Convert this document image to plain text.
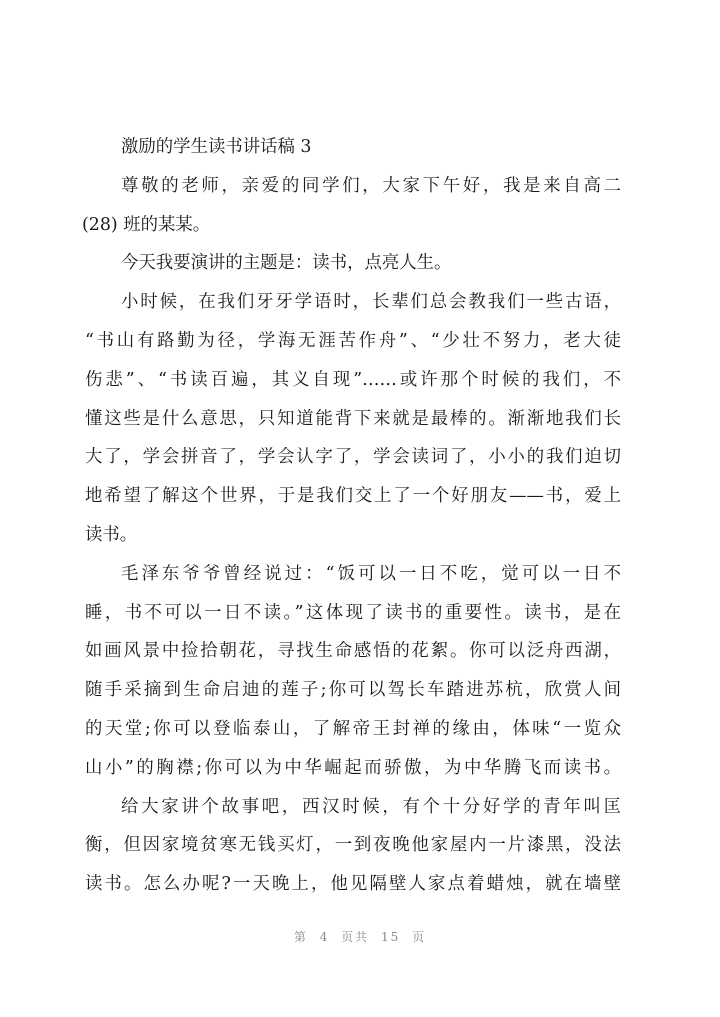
激励的学生读书讲话稿 3
尊敬的老师，亲爱的同学们，大家下午好，我是来自高二
(28) 班的某某。
今天我要演讲的主题是：读书，点亮人生。
小时候，在我们牙牙学语时，长辈们总会教我们一些古语，
“书山有路勤为径，学海无涯苦作舟”、“少壮不努力，老大徒
伤悲”、“书读百遍，其义自现”……或许那个时候的我们，不
懂这些是什么意思，只知道能背下来就是最棒的。渐渐地我们长
大了，学会拼音了，学会认字了，学会读词了，小小的我们迫切
地希望了解这个世界，于是我们交上了一个好朋友——书，爱上
读书。
毛泽东爷爷曾经说过：“饭可以一日不吃，觉可以一日不
睡，书不可以一日不读。”这体现了读书的重要性。读书，是在
如画风景中捡拾朝花，寻找生命感悟的花絮。你可以泛舟西湖，
随手采摘到生命启迪的莲子;你可以驾长车踏进苏杭，欣赏人间
的天堂;你可以登临泰山，了解帝王封禅的缘由，体味“一览众
山小”的胸襟;你可以为中华崛起而骄傲，为中华腾飞而读书。
给大家讲个故事吧，西汉时候，有个十分好学的青年叫匡
衡，但因家境贫寒无钱买灯，一到夜晚他家屋内一片漆黑，没法
读书。怎么办呢?一天晚上，他见隔壁人家点着蜡烛，就在墙壁
第 4 页共 15 页
